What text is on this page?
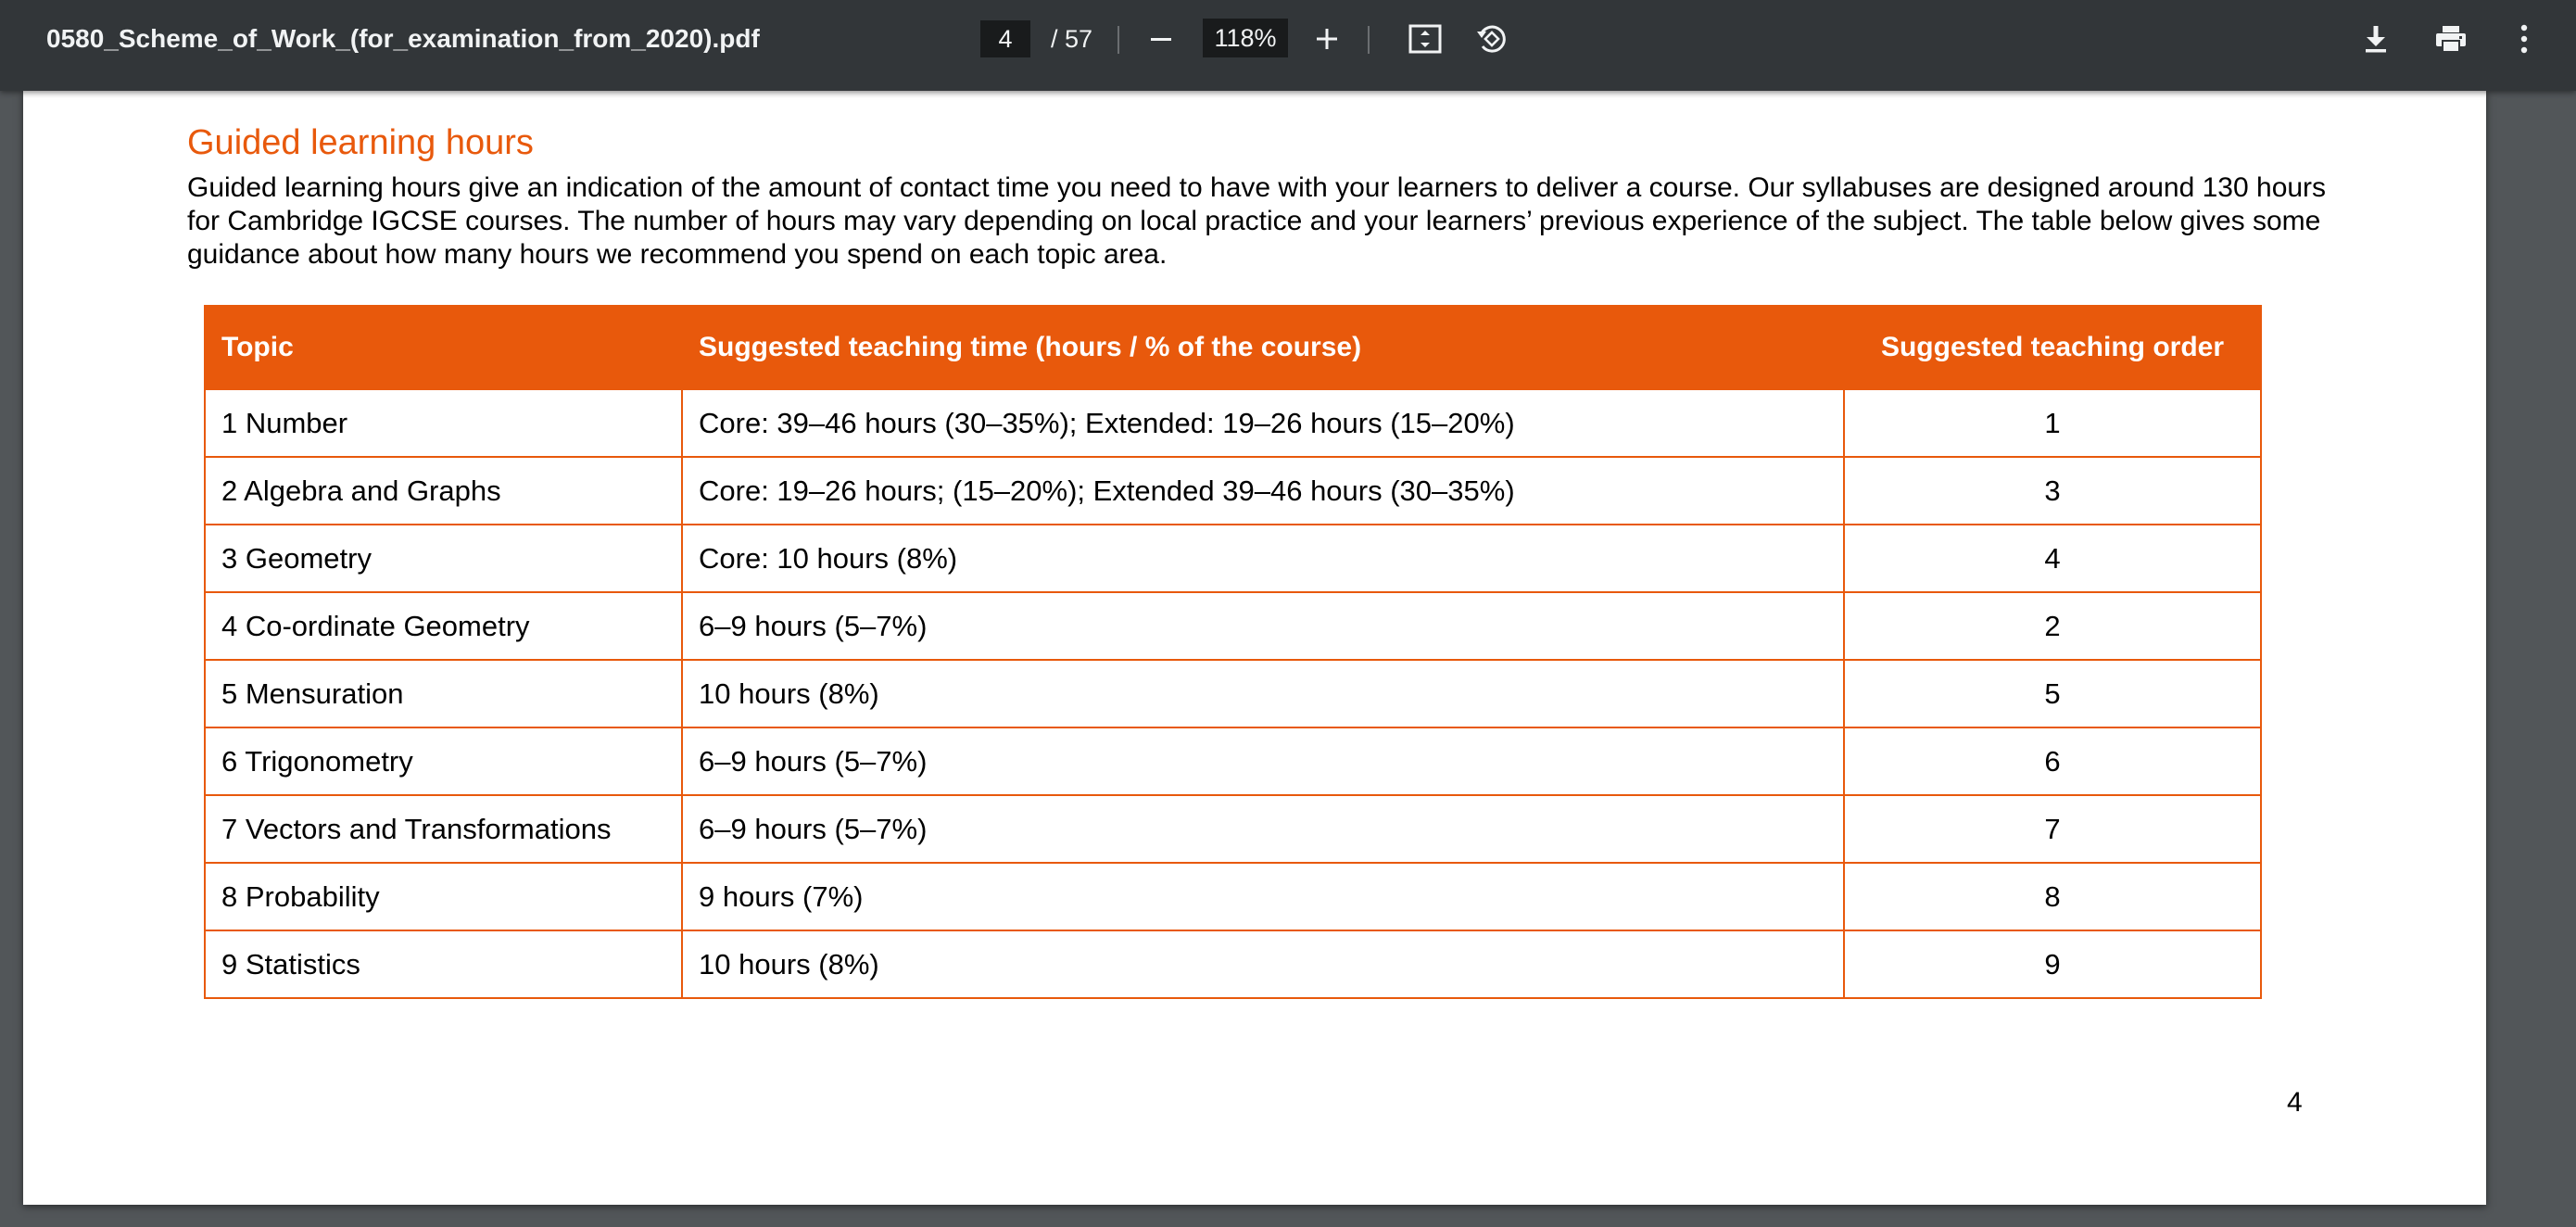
0580_Scheme_of_Work_(for_examination_from_2020).pdf
4	/ 57
118%
Guided learning hours

Guided learning hours give an indication of the amount of contact time you need to have with your learners to deliver a course. Our syllabuses are designed around 130 hours for Cambridge IGCSE courses. The number of hours may vary depending on local practice and your learners’ previous experience of the subject. The table below gives some guidance about how many hours we recommend you spend on each topic area.

Topic	Suggested teaching time (hours / % of the course)	Suggested teaching order
1 Number	Core: 39–46 hours (30–35%); Extended: 19–26 hours (15–20%)	1
2 Algebra and Graphs	Core: 19–26 hours; (15–20%); Extended 39–46 hours (30–35%)	3
3 Geometry	Core: 10 hours (8%)	4
4 Co-ordinate Geometry	6–9 hours (5–7%)	2
5 Mensuration	10 hours (8%)	5
6 Trigonometry	6–9 hours (5–7%)	6
7 Vectors and Transformations	6–9 hours (5–7%)	7
8 Probability	9 hours (7%)	8
9 Statistics	10 hours (8%)	9
4
